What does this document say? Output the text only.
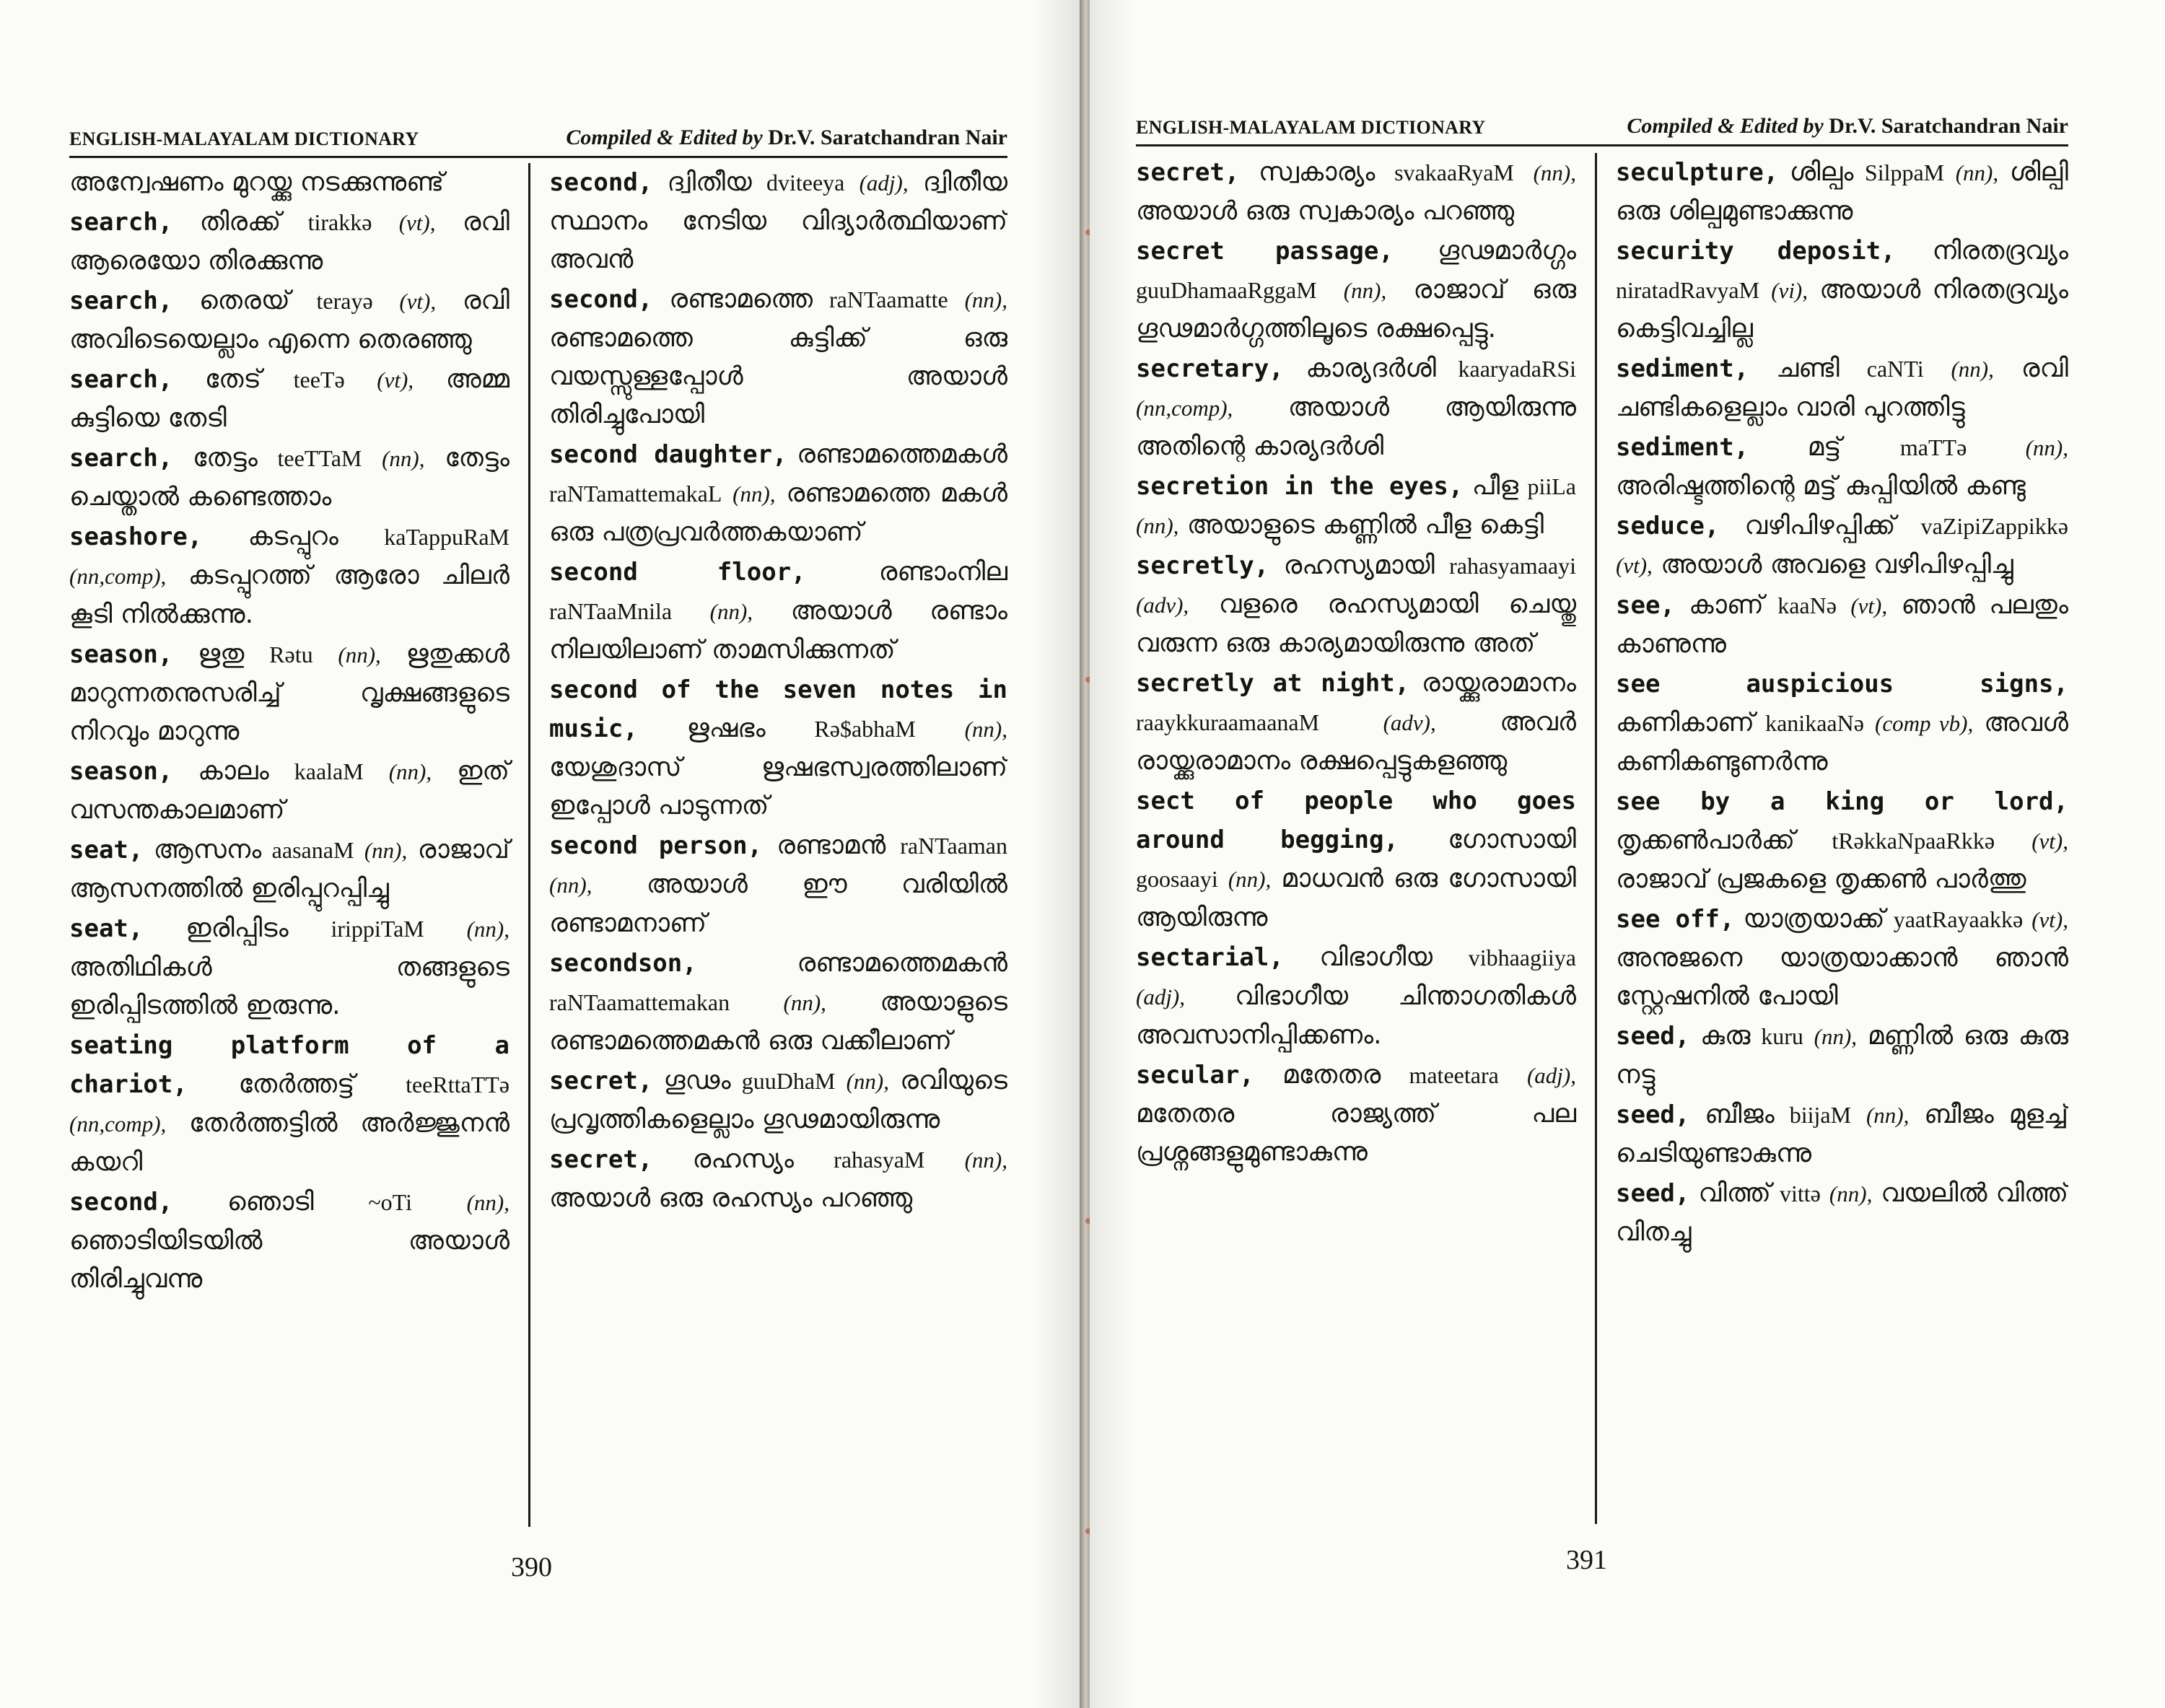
ENGLISH-MALAYALAM DICTIONARY	Compiled & Edited by Dr.V. Saratchandran Nair

അന്വേഷണം മുറയ്ക്കു നടക്കുന്നുണ്ട്

search, തിരക്ക് tirakkə (vt), രവി ആരെയോ തിരക്കുന്നു

search, തെരയ് terayə (vt), രവി അവിടെയെല്ലാം എന്നെ തെരഞ്ഞു

search, തേട് teeTə (vt), അമ്മ കുട്ടിയെ തേടി

search, തേട്ടം teeTTaM (nn), തേട്ടം ചെയ്താൽ കണ്ടെത്താം

seashore, കടപ്പുറം kaTappuRaM (nn,comp), കടപ്പുറത്ത് ആരോ ചിലർ കൂടി നിൽക്കുന്നു.

season, ഋതു Rətu (nn), ഋതുക്കൾ മാറുന്നതനുസരിച്ച് വൃക്ഷങ്ങളുടെ നിറവും മാറുന്നു

season, കാലം kaalaM (nn), ഇത് വസന്തകാലമാണ്

seat, ആസനം aasanaM (nn), രാജാവ് ആസനത്തിൽ ഇരിപ്പുറപ്പിച്ചു

seat, ഇരിപ്പിടം irippiTaM (nn), അതിഥികൾ തങ്ങളുടെ ഇരിപ്പിടത്തിൽ ഇരുന്നു.

seating platform of a chariot, തേർത്തട്ട് teeRttaTTə (nn,comp), തേർത്തട്ടിൽ അർജ്ജുനൻ കയറി

second, ഞൊടി ~oTi (nn), ഞൊടിയിടയിൽ അയാൾ തിരിച്ചുവന്നു

second, ദ്വിതീയ dviteeya (adj), ദ്വിതീയ സ്ഥാനം നേടിയ വിദ്യാർത്ഥിയാണ് അവൻ

second, രണ്ടാമത്തെ raNTaamatte (nn), രണ്ടാമത്തെ കുട്ടിക്ക് ഒരു വയസ്സുള്ളപ്പോൾ അയാൾ തിരിച്ചുപോയി

second daughter, രണ്ടാമത്തെമകൾ raNTamattemakaL (nn), രണ്ടാമത്തെ മകൾ ഒരു പത്രപ്രവർത്തകയാണ്

second floor,	രണ്ടാംനില raNTaaMnila (nn), അയാൾ രണ്ടാം നിലയിലാണ് താമസിക്കുന്നത്

second of the seven notes in music, ഋഷഭം Rə$abhaM (nn), യേശുദാസ് ഋഷഭസ്വരത്തിലാണ് ഇപ്പോൾ പാടുന്നത്

second person, രണ്ടാമൻ raNTaaman (nn), അയാൾ ഈ വരിയിൽ രണ്ടാമനാണ്

secondson,	രണ്ടാമത്തെമകൻ raNTaamattemakan (nn), അയാളുടെ രണ്ടാമത്തെമകൻ ഒരു വക്കീലാണ്

secret, ഗൂഢം guuDhaM (nn), രവിയുടെ പ്രവൃത്തികളെല്ലാം ഗൂഢമായിരുന്നു

secret, രഹസ്യം rahasyaM (nn), അയാൾ ഒരു രഹസ്യം പറഞ്ഞു

390
ENGLISH-MALAYALAM DICTIONARY	Compiled & Edited by Dr.V. Saratchandran Nair

secret, സ്വകാര്യം svakaaRyaM (nn), അയാൾ ഒരു സ്വകാര്യം പറഞ്ഞു

secret passage, ഗൂഢമാർഗ്ഗം guuDhamaaRggaM (nn), രാജാവ് ഒരു ഗൂഢമാർഗ്ഗത്തിലൂടെ രക്ഷപ്പെട്ടു.

secretary, കാര്യദർശി kaaryadaRSi (nn,comp), അയാൾ ആയിരുന്നു അതിന്റെ കാര്യദർശി

secretion in the eyes, പീള piiLa (nn), അയാളുടെ കണ്ണിൽ പീള കെട്ടി

secretly, രഹസ്യമായി rahasyamaayi (adv), വളരെ രഹസ്യമായി ചെയ്തു വരുന്ന ഒരു കാര്യമായിരുന്നു അത്

secretly at night, രായ്ക്കുരാമാനം raaykkuraamaanaM	(adv), അവർ രായ്ക്കുരാമാനം രക്ഷപ്പെട്ടുകളഞ്ഞു

sect of people who goes around begging, ഗോസായി goosaayi (nn), മാധവൻ ഒരു ഗോസായി ആയിരുന്നു

sectarial, വിഭാഗീയ vibhaagiiya (adj), വിഭാഗീയ ചിന്താഗതികൾ അവസാനിപ്പിക്കണം.

secular, മതേതര mateetara (adj), മതേതര രാജ്യത്ത് പല പ്രശ്നങ്ങളുമുണ്ടാകുന്നു

seculpture, ശില്പം SilppaM (nn), ശില്പി ഒരു ശില്പമുണ്ടാക്കുന്നു

security deposit, നിരതദ്രവ്യം niratadRavyaM (vi), അയാൾ നിരതദ്രവ്യം കെട്ടിവച്ചില്ല

sediment, ചണ്ടി caNTi (nn), രവി ചണ്ടികളെല്ലാം വാരി പുറത്തിട്ടു

sediment, മട്ട്	maTTə	(nn), അരിഷ്ടത്തിന്റെ മട്ട് കുപ്പിയിൽ കണ്ടു

seduce, വഴിപിഴപ്പിക്ക് vaZipiZappikkə (vt), അയാൾ അവളെ വഴിപിഴപ്പിച്ചു

see, കാണ് kaaNə (vt), ഞാൻ പലതും കാണുന്നു

see auspicious signs, കണികാണ് kanikaaNə (comp vb), അവൾ കണികണ്ടുണർന്നു

see by a king or lord, തൃക്കൺപാർക്ക് tRəkkaNpaaRkkə (vt), രാജാവ് പ്രജകളെ തൃക്കൺ പാർത്തു

see off, യാത്രയാക്ക് yaatRayaakkə (vt), അനുജനെ യാത്രയാക്കാൻ ഞാൻ സ്റ്റേഷനിൽ പോയി

seed, കുരു kuru (nn), മണ്ണിൽ ഒരു കുരു നട്ടു

seed, ബീജം biijaM (nn), ബീജം മുളച്ച് ചെടിയുണ്ടാകുന്നു

seed, വിത്ത് vittə (nn), വയലിൽ വിത്ത് വിതച്ചു

391
